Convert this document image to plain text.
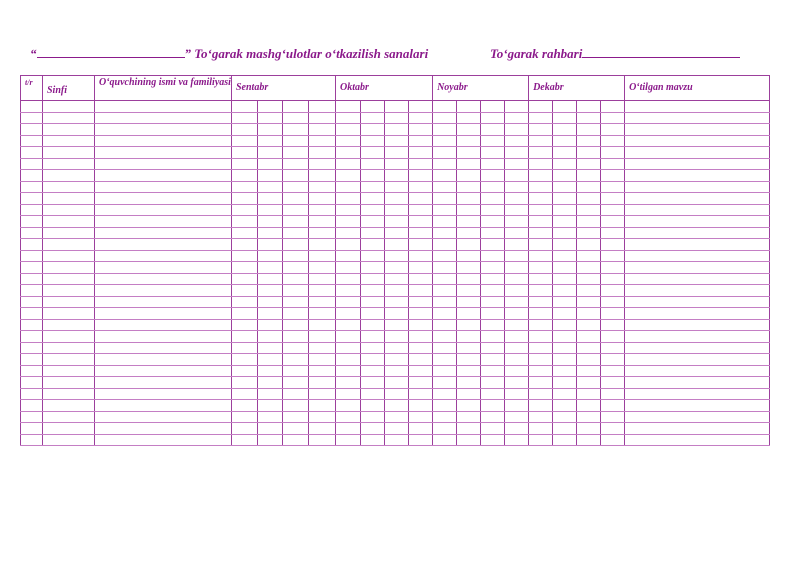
“	” To‘garak mashg‘ulotlar o‘tkazilish sanalari	To‘garak rahbari
t/r	Sinfi	O‘quvchining ismi va familiyasi	Sentabr				Oktabr				Noyabr				Dekabr				O‘tilgan mavzu
